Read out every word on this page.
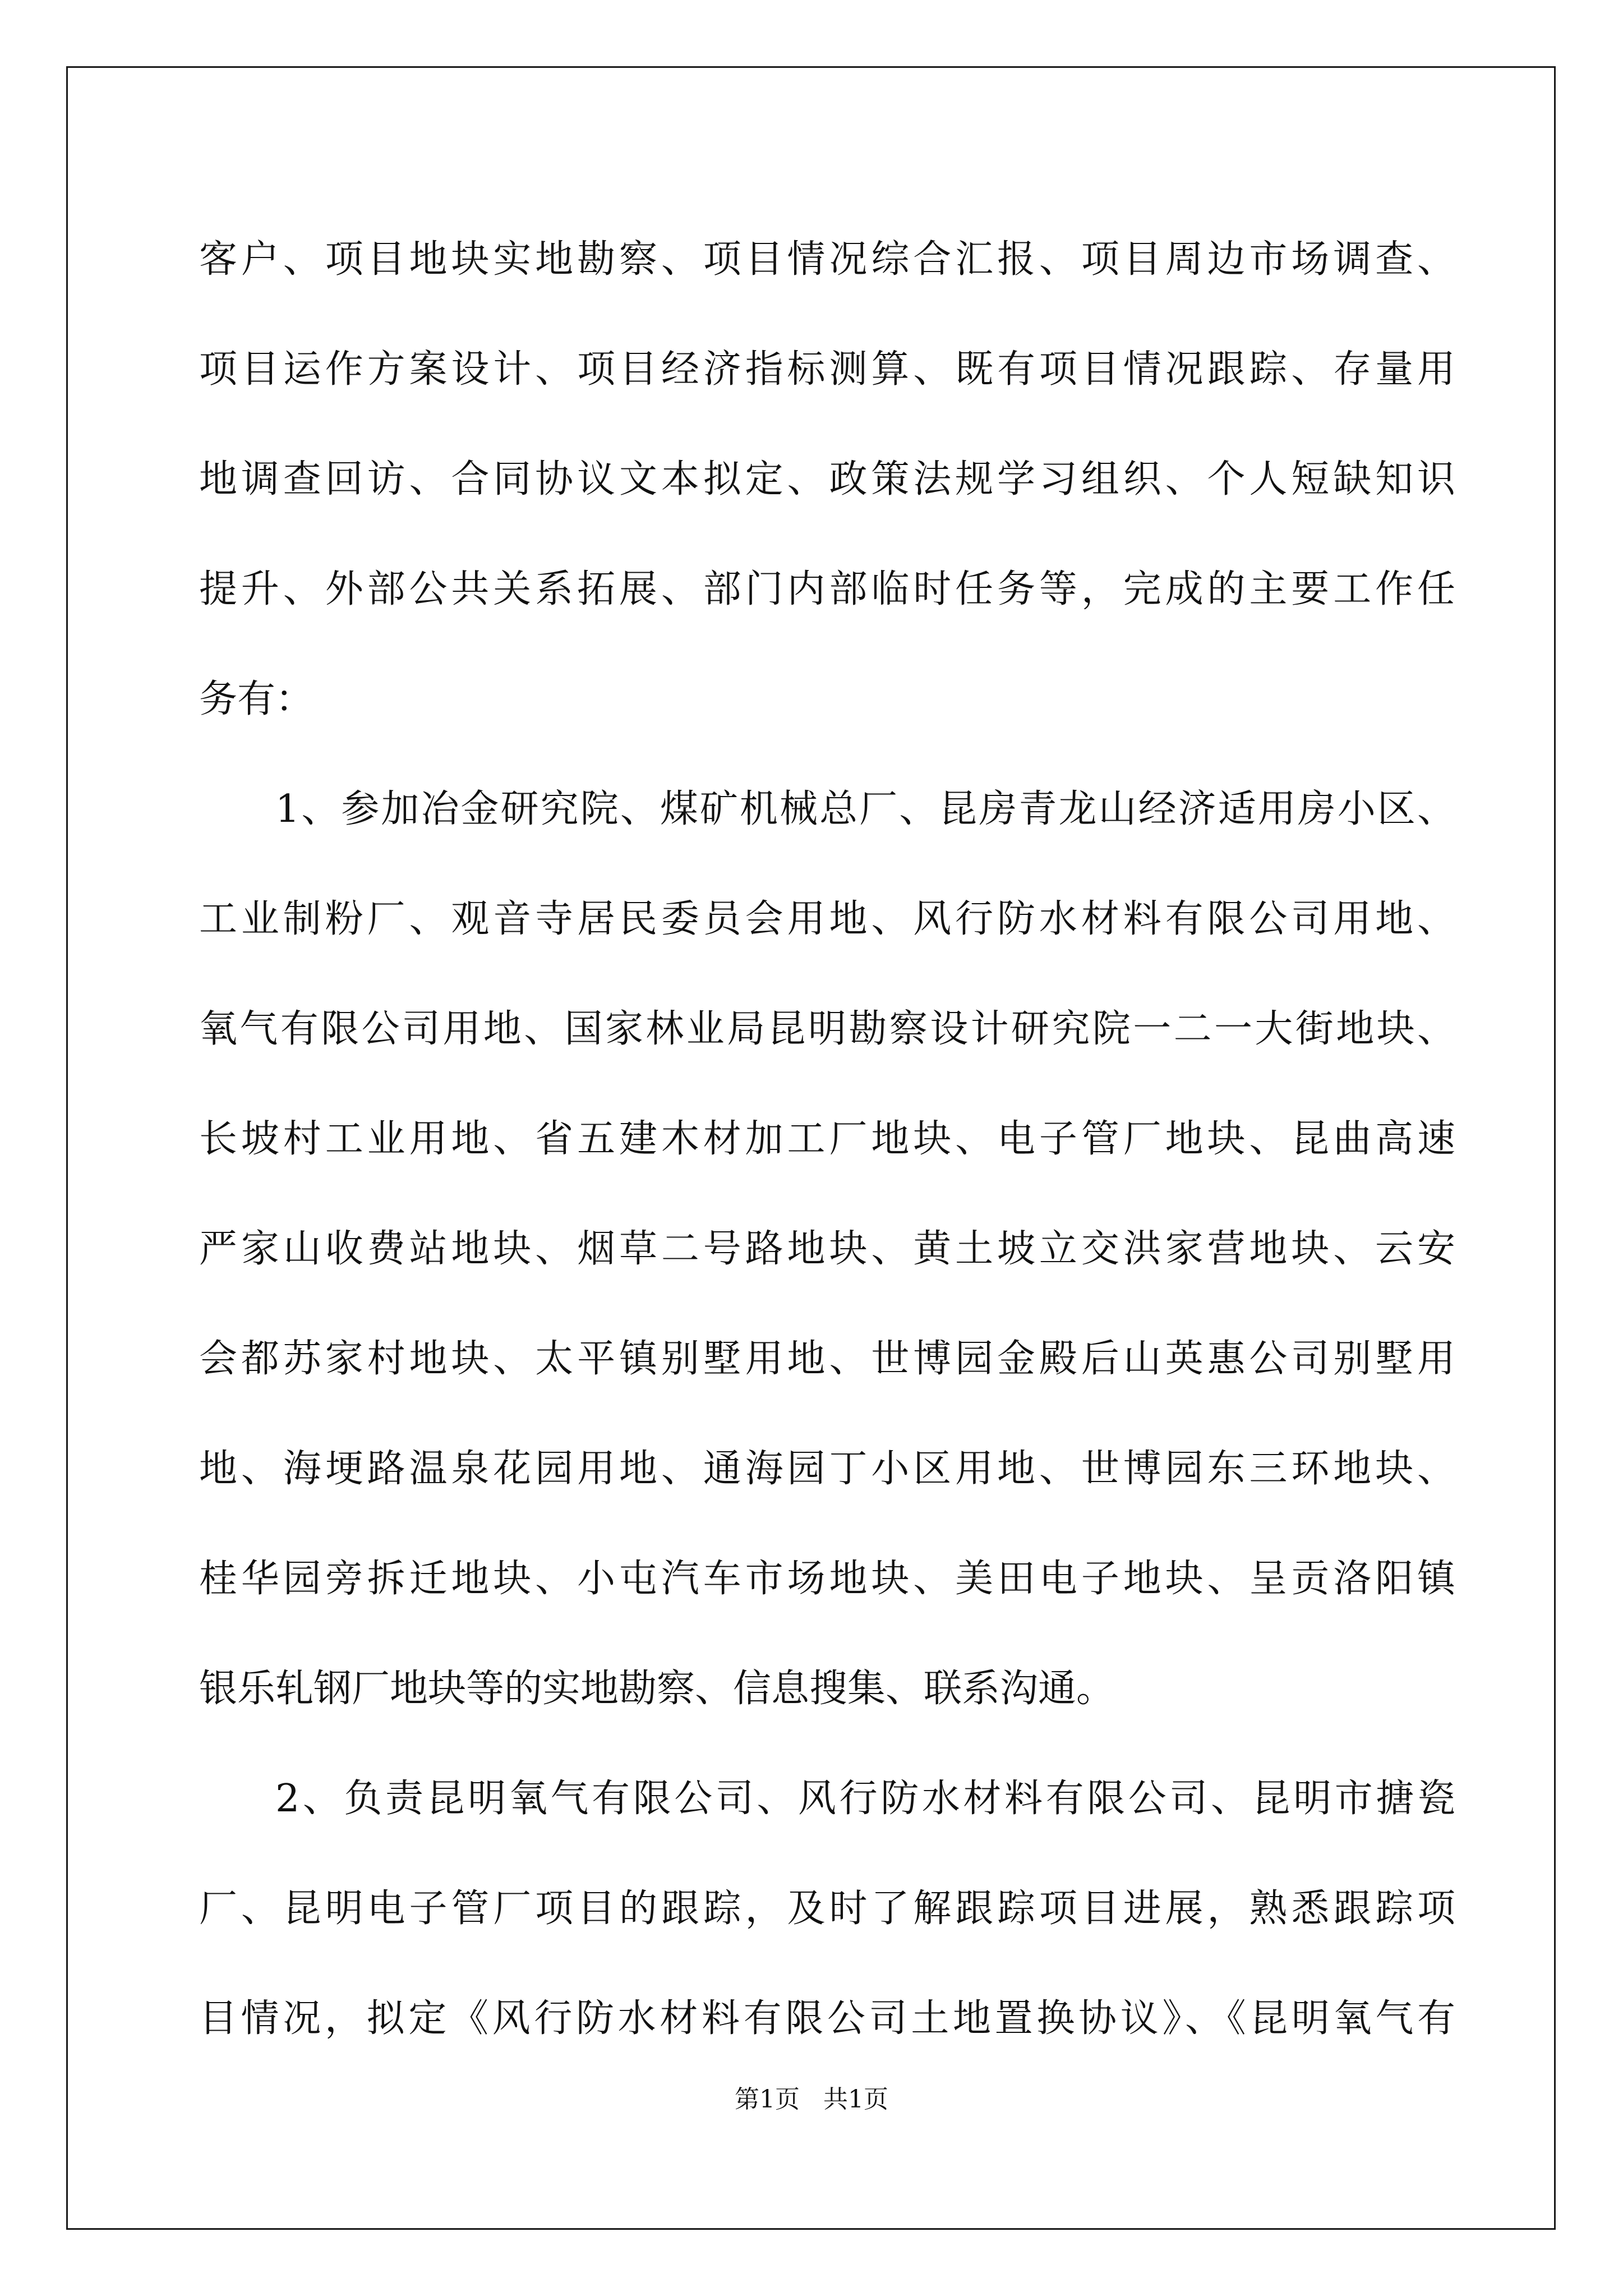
客户、项目地块实地勘察、项目情况综合汇报、项目周边市场调查、
项目运作方案设计、项目经济指标测算、既有项目情况跟踪、存量用
地调查回访、合同协议文本拟定、政策法规学习组织、个人短缺知识
提升、外部公共关系拓展、部门内部临时任务等，完成的主要工作任
务有：
1、参加冶金研究院、煤矿机械总厂、昆房青龙山经济适用房小区、
工业制粉厂、观音寺居民委员会用地、风行防水材料有限公司用地、
氧气有限公司用地、国家林业局昆明勘察设计研究院一二一大街地块、
长坡村工业用地、省五建木材加工厂地块、电子管厂地块、昆曲高速
严家山收费站地块、烟草二号路地块、黄土坡立交洪家营地块、云安
会都苏家村地块、太平镇别墅用地、世博园金殿后山英惠公司别墅用
地、海埂路温泉花园用地、通海园丁小区用地、世博园东三环地块、
桂华园旁拆迁地块、小屯汽车市场地块、美田电子地块、呈贡洛阳镇
银乐轧钢厂地块等的实地勘察、信息搜集、联系沟通。
2、负责昆明氧气有限公司、风行防水材料有限公司、昆明市搪瓷
厂、昆明电子管厂项目的跟踪，及时了解跟踪项目进展，熟悉跟踪项
目情况，拟定《风行防水材料有限公司土地置换协议》、《昆明氧气有
第1页   共1页
